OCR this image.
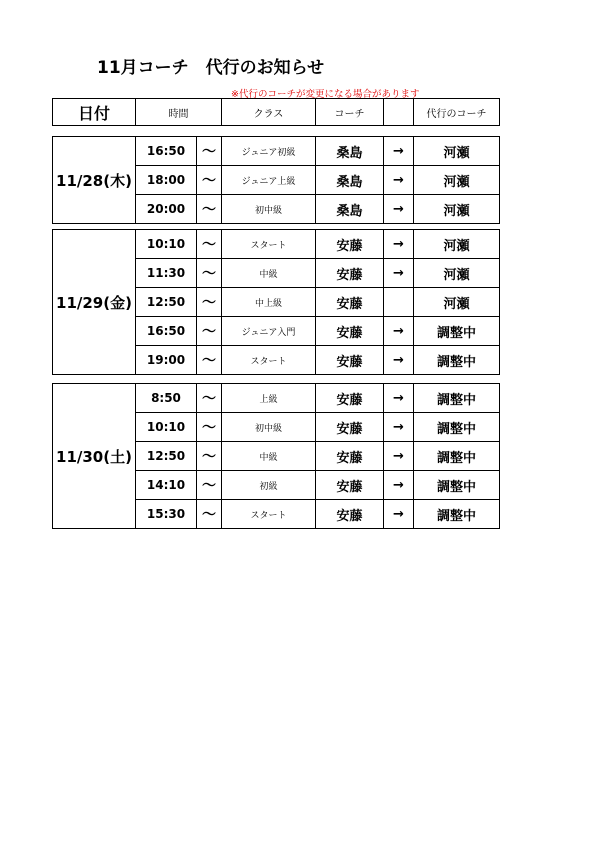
11月コーチ　代行のお知らせ
※代行のコーチが変更になる場合があります
日付	時間	クラス	コーチ		代行のコーチ
11/28(木)	16:50	～	ジュニア初級	桑島	→	河瀬
	18:00	～	ジュニア上級	桑島	→	河瀬
	20:00	～	初中級	桑島	→	河瀬
11/29(金)	10:10	～	スタート	安藤	→	河瀬
	11:30	～	中級	安藤	→	河瀬
	12:50	～	中上級	安藤		河瀬
	16:50	～	ジュニア入門	安藤	→	調整中
	19:00	～	スタート	安藤	→	調整中
11/30(土)	8:50	～	上級	安藤	→	調整中
	10:10	～	初中級	安藤	→	調整中
	12:50	～	中級	安藤	→	調整中
	14:10	～	初級	安藤	→	調整中
	15:30	～	スタート	安藤	→	調整中
